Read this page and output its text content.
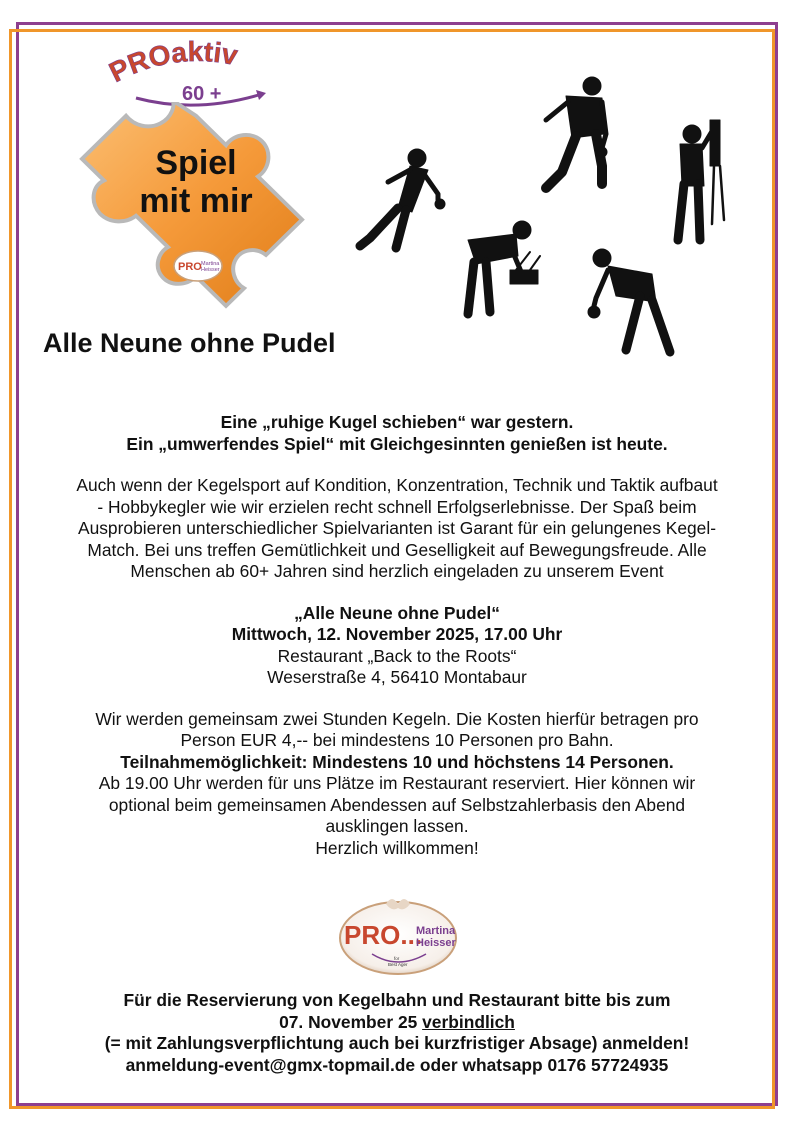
PROaktiv
60 +
Spiel
mit mir
PRO Martina
Heisser
Alle Neune ohne Pudel

Eine „ruhige Kugel schieben“ war gestern.

Ein „umwerfendes Spiel“ mit Gleichgesinnten genießen ist heute.

Auch wenn der Kegelsport auf Kondition, Konzentration, Technik und Taktik aufbaut

- Hobbykegler wie wir erzielen recht schnell Erfolgserlebnisse. Der Spaß beim

Ausprobieren unterschiedlicher Spielvarianten ist Garant für ein gelungenes Kegel-

Match. Bei uns treffen Gemütlichkeit und Geselligkeit auf Bewegungsfreude. Alle

Menschen ab 60+ Jahren sind herzlich eingeladen zu unserem Event

„Alle Neune ohne Pudel“

Mittwoch, 12. November 2025, 17.00 Uhr

Restaurant „Back to the Roots“

Weserstraße 4, 56410 Montabaur

Wir werden gemeinsam zwei Stunden Kegeln. Die Kosten hierfür betragen pro

Person EUR 4,-- bei mindestens 10 Personen pro Bahn.

Teilnahmemöglichkeit: Mindestens 10 und höchstens 14 Personen.

Ab 19.00 Uhr werden für uns Plätze im Restaurant reserviert. Hier können wir

optional beim gemeinsamen Abendessen auf Selbstzahlerbasis den Abend

ausklingen lassen.

Herzlich willkommen!

PRO...
Martina
Heisser
for
Best Ager

Für die Reservierung von Kegelbahn und Restaurant bitte bis zum

07. November 25 verbindlich

(= mit Zahlungsverpflichtung auch bei kurzfristiger Absage) anmelden!

anmeldung-event@gmx-topmail.de oder whatsapp 0176 57724935
